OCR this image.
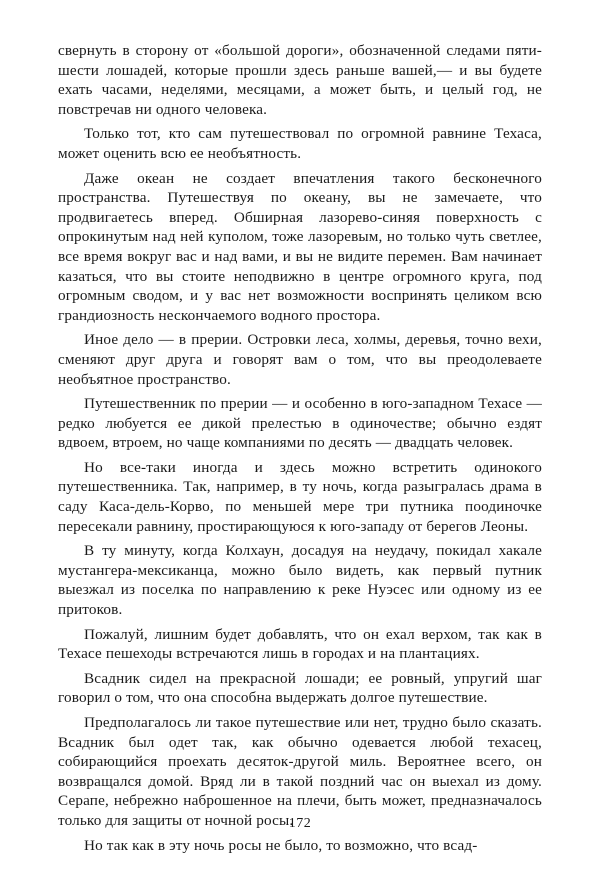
свернуть в сторону от «большой дороги», обозначенной следами пяти-шести лошадей, которые прошли здесь раньше вашей,— и вы будете ехать часами, неделями, месяцами, а может быть, и целый год, не повстречав ни одного человека.

Только тот, кто сам путешествовал по огромной равнине Техаса, может оценить всю ее необъятность.

Даже океан не создает впечатления такого бесконечного пространства. Путешествуя по океану, вы не замечаете, что продвигаетесь вперед. Обширная лазорево-синяя поверхность с опрокинутым над ней куполом, тоже лазоревым, но только чуть светлее, все время вокруг вас и над вами, и вы не видите перемен. Вам начинает казаться, что вы стоите неподвижно в центре огромного круга, под огромным сводом, и у вас нет возможности воспринять целиком всю грандиозность нескончаемого водного простора.

Иное дело — в прерии. Островки леса, холмы, деревья, точно вехи, сменяют друг друга и говорят вам о том, что вы преодолеваете необъятное пространство.

Путешественник по прерии — и особенно в юго-западном Техасе — редко любуется ее дикой прелестью в одиночестве; обычно ездят вдвоем, втроем, но чаще компаниями по десять — двадцать человек.

Но все-таки иногда и здесь можно встретить одинокого путешественника. Так, например, в ту ночь, когда разыгралась драма в саду Каса-дель-Корво, по меньшей мере три путника поодиночке пересекали равнину, простирающуюся к юго-западу от берегов Леоны.

В ту минуту, когда Колхаун, досадуя на неудачу, покидал хакале мустангера-мексиканца, можно было видеть, как первый путник выезжал из поселка по направлению к реке Нуэсес или одному из ее притоков.

Пожалуй, лишним будет добавлять, что он ехал верхом, так как в Техасе пешеходы встречаются лишь в городах и на плантациях.

Всадник сидел на прекрасной лошади; ее ровный, упругий шаг говорил о том, что она способна выдержать долгое путешествие.

Предполагалось ли такое путешествие или нет, трудно было сказать. Всадник был одет так, как обычно одевается любой техасец, собирающийся проехать десяток-другой миль. Вероятнее всего, он возвращался домой. Вряд ли в такой поздний час он выехал из дому. Серапе, небрежно наброшенное на плечи, быть может, предназначалось только для защиты от ночной росы.

Но так как в эту ночь росы не было, то возможно, что всад-

172
